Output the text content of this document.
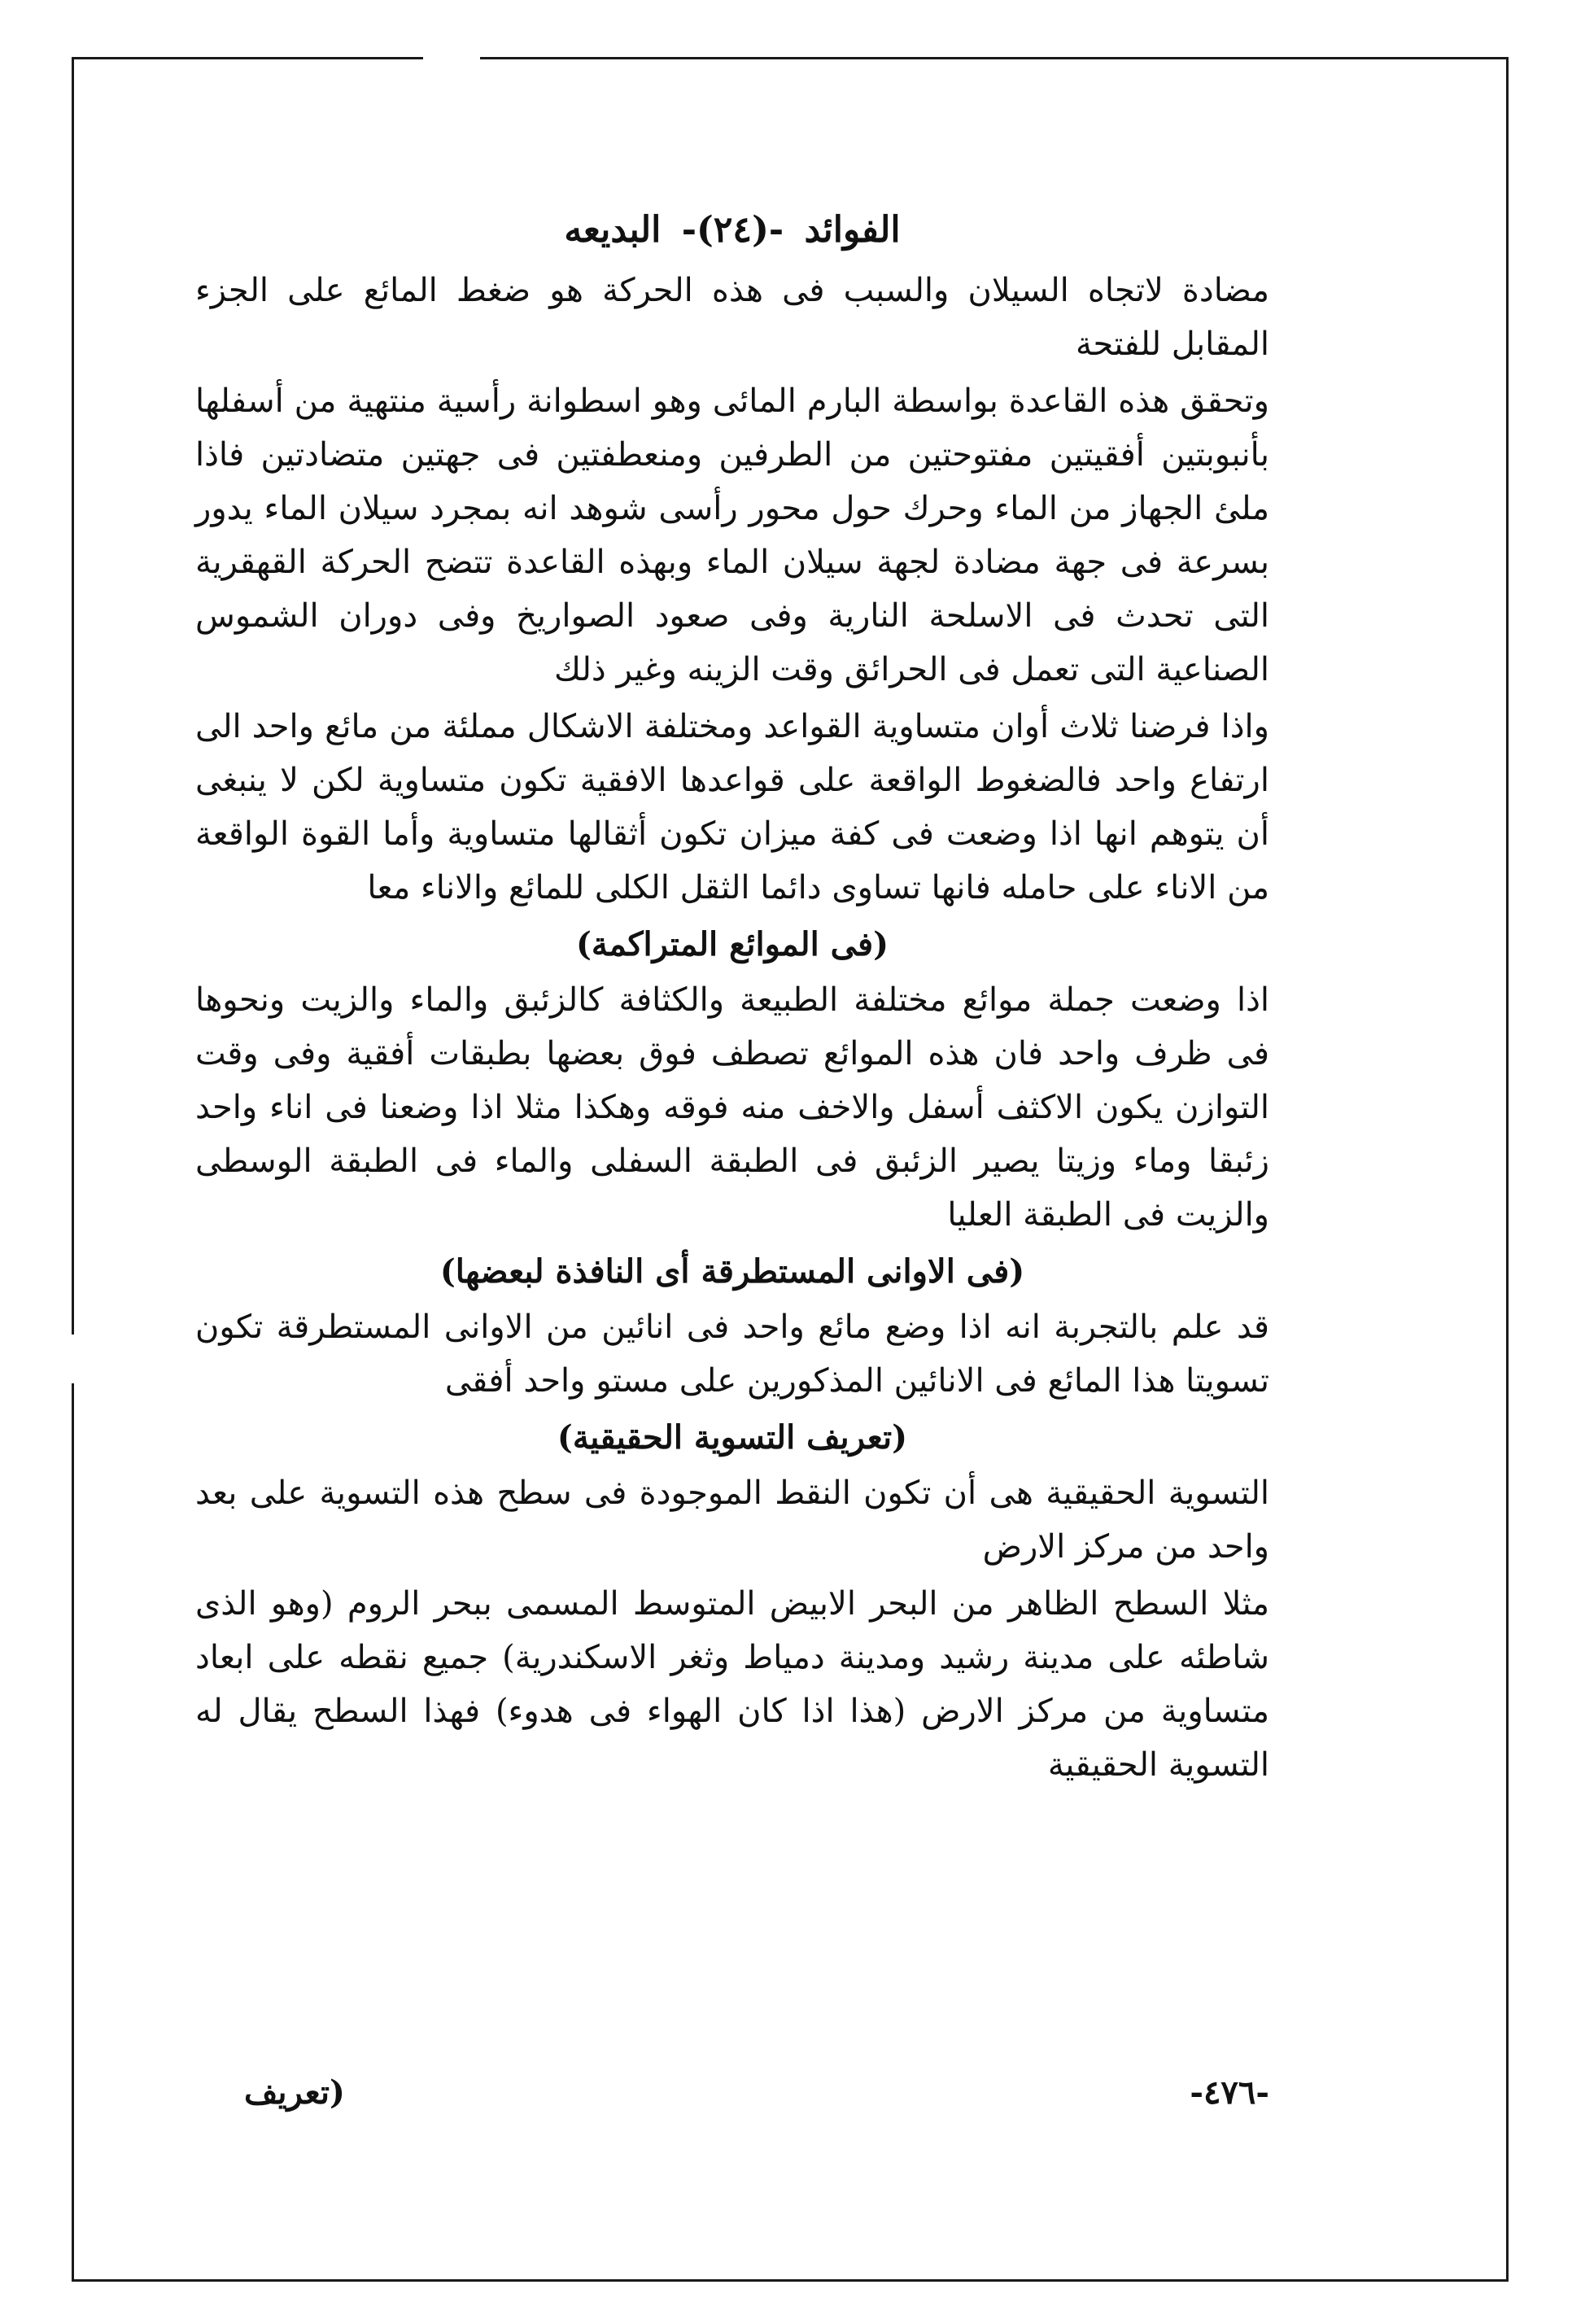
الفوائد -(٢٤)- البديعه

مضادة لاتجاه السيلان والسبب فى هذه الحركة هو ضغط المائع على الجزء المقابل للفتحة

وتحقق هذه القاعدة بواسطة البارم المائى وهو اسطوانة رأسية منتهية من أسفلها بأنبوبتين أفقيتين مفتوحتين من الطرفين ومنعطفتين فى جهتين متضادتين فاذا ملئ الجهاز من الماء وحرك حول محور رأسى شوهد انه بمجرد سيلان الماء يدور بسرعة فى جهة مضادة لجهة سيلان الماء وبهذه القاعدة تتضح الحركة القهقرية التى تحدث فى الاسلحة النارية وفى صعود الصواريخ وفى دوران الشموس الصناعية التى تعمل فى الحرائق وقت الزينه وغير ذلك

واذا فرضنا ثلاث أوان متساوية القواعد ومختلفة الاشكال مملئة من مائع واحد الى ارتفاع واحد فالضغوط الواقعة على قواعدها الافقية تكون متساوية لكن لا ينبغى أن يتوهم انها اذا وضعت فى كفة ميزان تكون أثقالها متساوية وأما القوة الواقعة من الاناء على حامله فانها تساوى دائما الثقل الكلى للمائع والاناء معا

(فى الموائع المتراكمة)

اذا وضعت جملة موائع مختلفة الطبيعة والكثافة كالزئبق والماء والزيت ونحوها فى ظرف واحد فان هذه الموائع تصطف فوق بعضها بطبقات أفقية وفى وقت التوازن يكون الاكثف أسفل والاخف منه فوقه وهكذا مثلا اذا وضعنا فى اناء واحد زئبقا وماء وزيتا يصير الزئبق فى الطبقة السفلى والماء فى الطبقة الوسطى والزيت فى الطبقة العليا

(فى الاوانى المستطرقة أى النافذة لبعضها)

قد علم بالتجربة انه اذا وضع مائع واحد فى انائين من الاوانى المستطرقة تكون تسويتا هذا المائع فى الانائين المذكورين على مستو واحد أفقى

(تعريف التسوية الحقيقية)

التسوية الحقيقية هى أن تكون النقط الموجودة فى سطح هذه التسوية على بعد واحد من مركز الارض

مثلا السطح الظاهر من البحر الابيض المتوسط المسمى ببحر الروم (وهو الذى شاطئه على مدينة رشيد ومدينة دمياط وثغر الاسكندرية) جميع نقطه على ابعاد متساوية من مركز الارض (هذا اذا كان الهواء فى هدوء) فهذا السطح يقال له التسوية الحقيقية

-٤٧٦-
(تعريف
